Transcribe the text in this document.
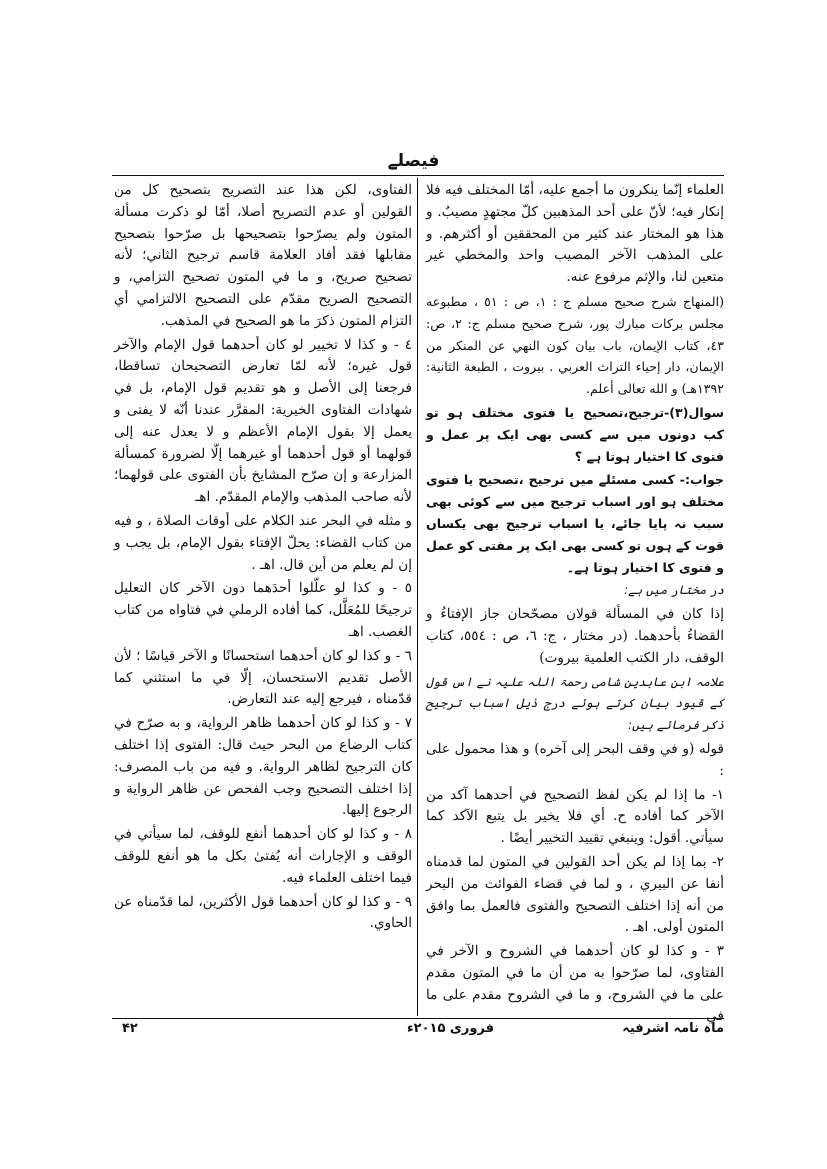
فيصلے

العلماء إنّما ينكرون ما أجمع عليه، أمّا المختلف فيه فلا إنكار فيه؛ لأنّ على أحد المذهبين كلّ مجتهدٍ مصيبٌ. و هذا هو المختار عند كثير من المحققين أو أكثرهم. و على المذهب الآخر المصيب واحد والمخطي غير متعين لنا، والإثم مرفوع عنه.

(المنهاج شرح صحيح مسلم ج : ١، ص : ٥١ ، مطبوعه مجلس بركات مبارك پور، شرح صحيح مسلم ج: ٢، ص: ٤٣، كتاب الإيمان، باب بيان كون النهي عن المنكر من الإيمان، دار إحياء التراث العربي . بيروت ، الطبعة الثانية: ١٣٩٢هـ) و الله تعالى أعلم.

سوال(٣)-ترجیح،تصحیح یا فتوی مختلف ہو تو کب دونوں میں سے کسی بھی ایک پر عمل و فتوی کا اختیار ہوتا ہے ؟

جواب:- کسی مسئلے میں ترجیح ،تصحیح یا فتوی مختلف ہو اور اسباب ترجیح میں سے کوئی بھی سبب نہ پایا جائے، یا اسباب ترجیح بھی یکساں قوت کے ہوں تو کسی بھی ایک پر مفتی کو عمل و فتوی کا اختیار ہوتا ہے۔

در مختار میں ہے:

إذا كان في المسألة قولان مصحّحان جاز الإفتاءُ و القضاءُ بأحدهما. (در مختار ، ج: ٦، ص : ٥٥٤، كتاب الوقف، دار الكتب العلمية بيروت)

علامہ ابن عابدین شامی رحمۃ اللہ علیہ نے اس قول کے قیود بیان کرتے ہوئے درج ذیل اسباب ترجیح ذکر فرمائے ہیں:

قوله (و في وقف البحر إلى آخره) و هذا محمول على :

١- ما إذا لم يكن لفظ التصحيح في أحدهما آكد من الآخر كما أفاده ح. أي فلا يخير بل يتبع الآكد كما سيأتي. أقول: وينبغي تقييد التخيير أيضًا .

٢- بما إذا لم يكن أحد القولين في المتون لما قدمناه أنفا عن البيري ، و لما في قضاء الفوائت من البحر من أنه إذا اختلف التصحيح والفتوى فالعمل بما وافق المتون أولى. اهـ .

٣ - و كذا لو كان أحدهما في الشروح و الآخر في الفتاوى، لما صرّحوا به من أن ما في المتون مقدم على ما في الشروح، و ما في الشروح مقدم على ما في

الفتاوى، لكن هذا عند التصريح بتصحيح كل من القولين أو عدم التصريح أصلا، أمّا لو ذكرت مسألة المتون ولم يصرّحوا بتصحيحها بل صرّحوا بتصحيح مقابلها فقد أفاد العلامة قاسم ترجيح الثاني؛ لأنه تصحيح صريح، و ما في المتون تصحيح التزامي، و التصحيح الصريح مقدّم على التصحيح الالتزامي أي التزام المتون ذكرَ ما هو الصحيح في المذهب.

٤ - و كذا لا تخيير لو كان أحدهما قول الإمام والآخر قول غيره؛ لأنه لمّا تعارض التصحيحان تساقطا، فرجعنا إلى الأصل و هو تقديم قول الإمام، بل في شهادات الفتاوى الخيرية: المقرَّر عندنا أنّه لا يفتى و يعمل إلا بقول الإمام الأعظم و لا يعدل عنه إلى قولهما أو قول أحدهما أو غيرهما إلّا لضرورة كمسألة المزارعة و إن صرّح المشايخ بأن الفتوى على قولهما؛ لأنه صاحب المذهب والإمام المقدّم. اهـ

و مثله في البحر عند الكلام على أوقات الصلاة ، و فيه من كتاب القضاء: يحلّ الإفتاء بقول الإمام، بل يجب و إن لم يعلم من أين قال. اهـ .

٥ - و كذا لو علّلوا أحدَهما دون الآخر كان التعليل ترجيحًا للمُعَلَّل، كما أفاده الرملي في فتاواه من كتاب الغصب. اهـ

٦ - و كذا لو كان أحدهما استحسانًا و الآخر قياسًا ؛ لأن الأصل تقديم الاستحسان، إلّا في ما استثني كما قدّمناه ، فيرجع إليه عند التعارض.

٧ - و كذا لو كان أحدهما ظاهر الرواية، و به صرّح في كتاب الرضاع من البحر حيث قال: الفتوى إذا اختلف كان الترجيح لظاهر الرواية. و فيه من باب المصرف: إذا اختلف التصحيح وجب الفحص عن ظاهر الرواية و الرجوع إليها.

٨ - و كذا لو كان أحدهما أنفع للوقف، لما سيأتي في الوقف و الإجارات أنه يُفتىٰ بكل ما هو أنفع للوقف فيما اختلف العلماء فيه.

٩ - و كذا لو كان أحدهما قول الأكثرين، لما قدّمناه عن الحاوي.

ماہ نامہ اشرفیہ
فروری ۲۰۱۵ء
۴۲
